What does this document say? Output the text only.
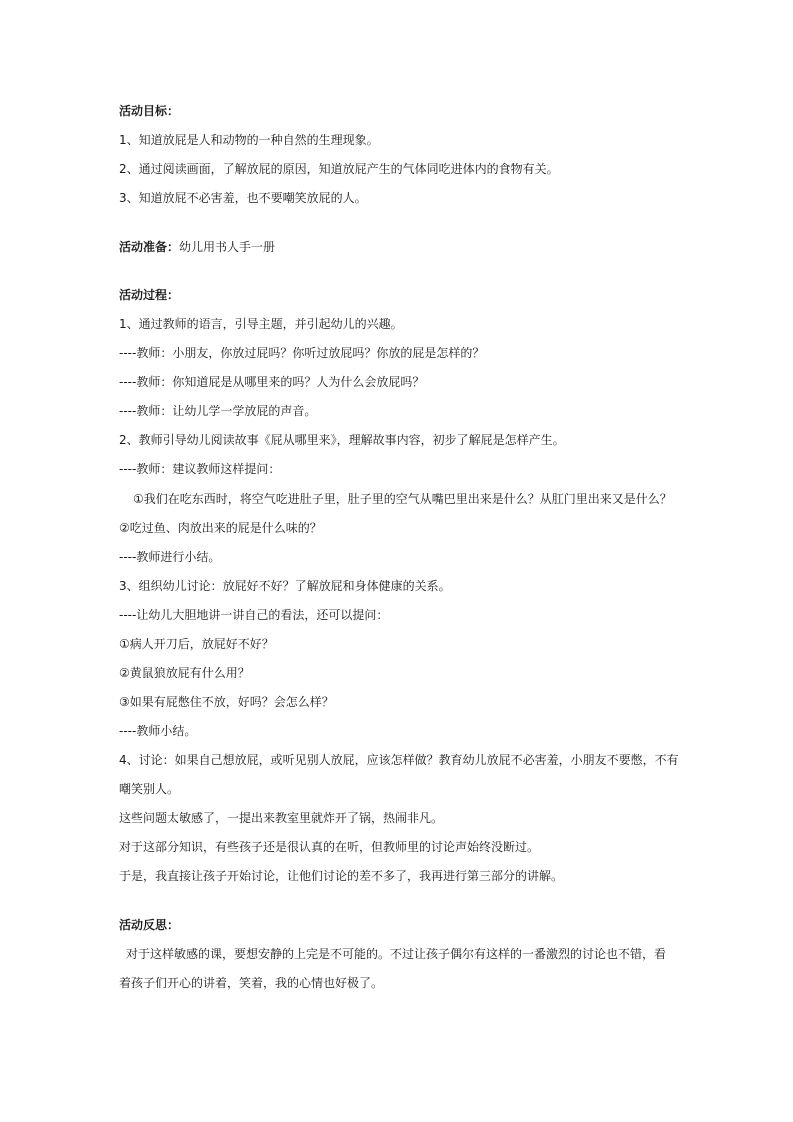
活动目标：
1、知道放屁是人和动物的一种自然的生理现象。
2、通过阅读画面，了解放屁的原因，知道放屁产生的气体同吃进体内的食物有关。
3、知道放屁不必害羞，也不要嘲笑放屁的人。
活动准备：幼儿用书人手一册
活动过程：
1、通过教师的语言，引导主题，并引起幼儿的兴趣。
----教师：小朋友，你放过屁吗？你听过放屁吗？你放的屁是怎样的？
----教师：你知道屁是从哪里来的吗？人为什么会放屁吗？
----教师：让幼儿学一学放屁的声音。
2、教师引导幼儿阅读故事《屁从哪里来》，理解故事内容，初步了解屁是怎样产生。
----教师：建议教师这样提问：
①我们在吃东西时，将空气吃进肚子里，肚子里的空气从嘴巴里出来是什么？从肛门里出来又是什么？
②吃过鱼、肉放出来的屁是什么味的？
----教师进行小结。
3、组织幼儿讨论：放屁好不好？了解放屁和身体健康的关系。
----让幼儿大胆地讲一讲自己的看法，还可以提问：
①病人开刀后，放屁好不好？
②黄鼠狼放屁有什么用？
③如果有屁憋住不放，好吗？会怎么样？
----教师小结。
4、讨论：如果自己想放屁，或听见别人放屁，应该怎样做？教育幼儿放屁不必害羞，小朋友不要憋，不有
嘲笑别人。
这些问题太敏感了，一提出来教室里就炸开了锅，热闹非凡。
对于这部分知识，有些孩子还是很认真的在听，但教师里的讨论声始终没断过。
于是，我直接让孩子开始讨论，让他们讨论的差不多了，我再进行第三部分的讲解。
活动反思：
对于这样敏感的课，要想安静的上完是不可能的。不过让孩子偶尔有这样的一番激烈的讨论也不错，看
着孩子们开心的讲着，笑着，我的心情也好极了。
